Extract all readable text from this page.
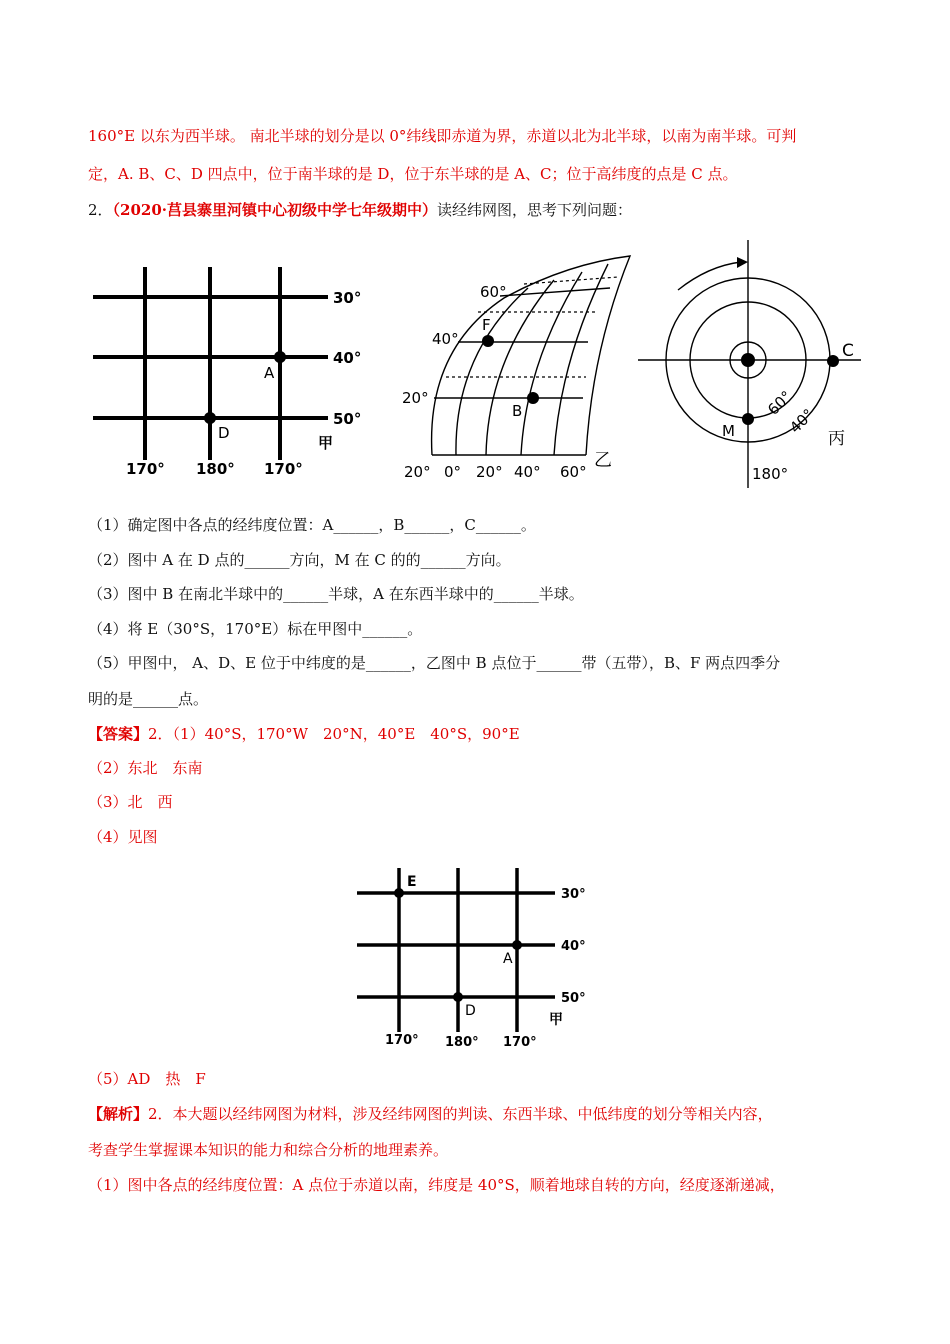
160°E 以东为西半球。 南北半球的划分是以 0°纬线即赤道为界，赤道以北为北半球，以南为南半球。可判
定，A. B、C、D 四点中，位于南半球的是 D，位于东半球的是 A、C；位于高纬度的点是 C 点。
2．（2020·莒县寨里河镇中心初级中学七年级期中）读经纬网图，思考下列问题：
30°
40°
50°
170° 180° 170°
A
D
甲
60°
40°
20°
20° 0° 20° 40° 60°
F
B
乙
C
M
60°
40°
180°
丙
（1）确定图中各点的经纬度位置：A______，B______，C______。
（2）图中 A 在 D 点的______方向，M 在 C 的的______方向。
（3）图中 B 在南北半球中的______半球，A 在东西半球中的______半球。
（4）将 E（30°S，170°E）标在甲图中______。
（5）甲图中， A、D、E 位于中纬度的是______，乙图中 B 点位于______带（五带），B、F 两点四季分
明的是______点。
【答案】2．（1）40°S，170°W　20°N，40°E　40°S，90°E
（2）东北　东南
（3）北　西
（4）见图
E
A
D
30°
40°
50°
170° 180° 170°
甲
（5）AD　热　F
【解析】2．本大题以经纬网图为材料，涉及经纬网图的判读、东西半球、中低纬度的划分等相关内容，
考查学生掌握课本知识的能力和综合分析的地理素养。
（1）图中各点的经纬度位置：A 点位于赤道以南，纬度是 40°S，顺着地球自转的方向，经度逐渐递减，
